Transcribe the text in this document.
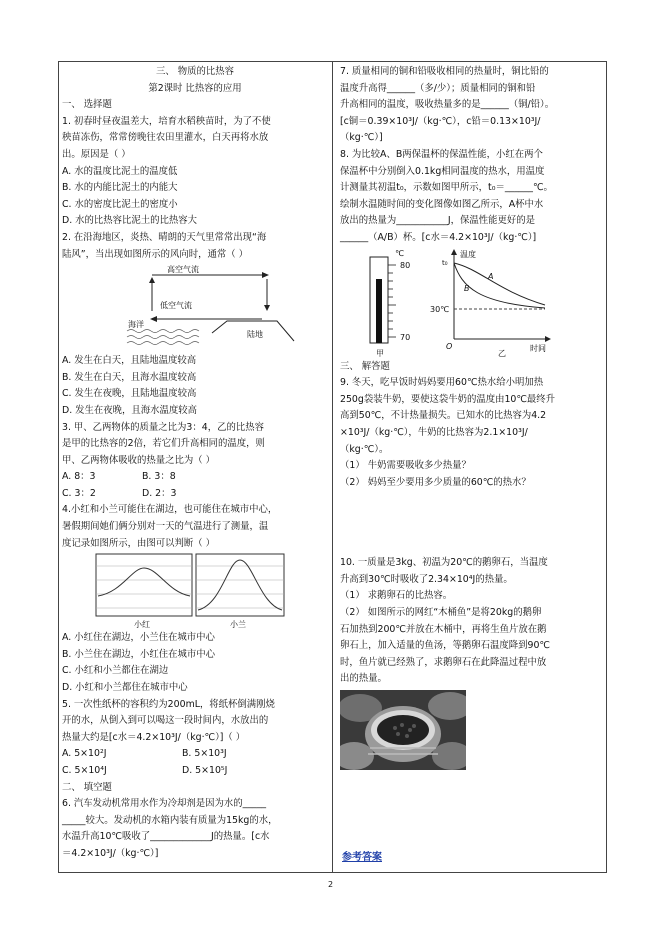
三、 物质的比热容
第2课时 比热容的应用
一、 选择题
1. 初春时昼夜温差大，培育水稻秧苗时，为了不使
秧苗冻伤，常常傍晚往农田里灌水，白天再将水放
出。原因是（ ）
A. 水的温度比泥土的温度低
B. 水的内能比泥土的内能大
C. 水的密度比泥土的密度小
D. 水的比热容比泥土的比热容大
2. 在沿海地区，炎热、晴朗的天气里常常出现“海
陆风”，当出现如图所示的风向时，通常（ ）
高空气流
低空气流
陆地
海洋
A. 发生在白天，且陆地温度较高
B. 发生在白天，且海水温度较高
C. 发生在夜晚，且陆地温度较高
D. 发生在夜晚，且海水温度较高
3. 甲、乙两物体的质量之比为3：4，乙的比热容
是甲的比热容的2倍，若它们升高相同的温度，则
甲、乙两物体吸收的热量之比为（ ）
A. 8：3	B. 3：8
C. 3：2	D. 2：3
4.小红和小兰可能住在湖边，也可能住在城市中心，
暑假期间她们俩分别对一天的气温进行了测量，温
度记录如图所示，由图可以判断（ ）
小红	小兰
A. 小红住在湖边，小兰住在城市中心
B. 小兰住在湖边，小红住在城市中心
C. 小红和小兰都住在湖边
D. 小红和小兰都住在城市中心
5. 一次性纸杯的容积约为200mL，将纸杯倒满刚烧
开的水，从倒入到可以喝这一段时间内，水放出的
热量大约是[c水＝4.2×10³J/（kg·℃）]（ ）
A. 5×10²J	B. 5×10³J
C. 5×10⁴J	D. 5×10⁵J
二、 填空题
6. 汽车发动机常用水作为冷却剂是因为水的_____
_____较大。发动机的水箱内装有质量为15kg的水，
水温升高10℃吸收了_____________J的热量。[c水
＝4.2×10³J/（kg·℃）]
7. 质量相同的铜和铅吸收相同的热量时，铜比铅的
温度升高得______（多/少）；质量相同的铜和铅
升高相同的温度，吸收热量多的是______（铜/铅）。
[c铜＝0.39×10³J/（kg·℃），c铅＝0.13×10³J/
（kg·℃）]
8. 为比较A、B两保温杯的保温性能，小红在两个
保温杯中分别倒入0.1kg相同温度的热水，用温度
计测量其初温t₀，示数如图甲所示，t₀＝______℃。
绘制水温随时间的变化图像如图乙所示，A杯中水
放出的热量为___________J，保温性能更好的是
______（A/B）杯。[c水＝4.2×10³J/（kg·℃）]
℃
80
70
甲
温度
t₀
30℃
A
B
O	时间
乙
三、 解答题
9. 冬天，吃早饭时妈妈要用60℃热水给小明加热
250g袋装牛奶，要使这袋牛奶的温度由10℃最终升
高到50℃，不计热量损失。已知水的比热容为4.2
×10³J/（kg·℃），牛奶的比热容为2.1×10³J/
（kg·℃）。
（1） 牛奶需要吸收多少热量？
（2） 妈妈至少要用多少质量的60℃的热水？
10. 一质量是3kg、初温为20℃的鹅卵石，当温度
升高到30℃时吸收了2.34×10⁴J的热量。
（1） 求鹅卵石的比热容。
（2） 如图所示的网红“木桶鱼”是将20kg的鹅卵
石加热到200℃并放在木桶中，再将生鱼片放在鹅
卵石上，加入适量的鱼汤，等鹅卵石温度降到90℃
时，鱼片就已经熟了，求鹅卵石在此降温过程中放
出的热量。
参考答案
2
